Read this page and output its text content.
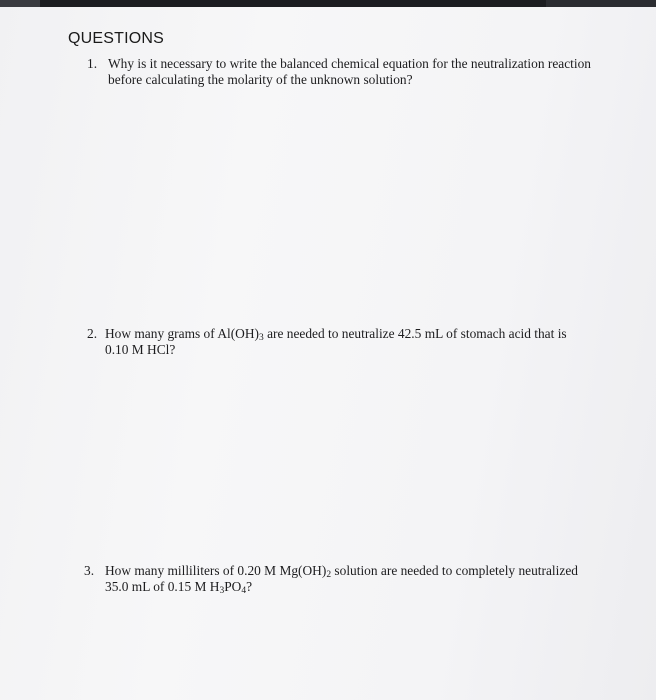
QUESTIONS
1. Why is it necessary to write the balanced chemical equation for the neutralization reaction
before calculating the molarity of the unknown solution?
2. How many grams of $Al(OH)_3$ are needed to neutralize 42.5 mL of stomach acid that is
0.10 M HCl?
3. How many milliliters of 0.20 M $Mg(OH)_2$ solution are needed to completely neutralized
35.0 mL of 0.15 M $H_3PO_4$?
